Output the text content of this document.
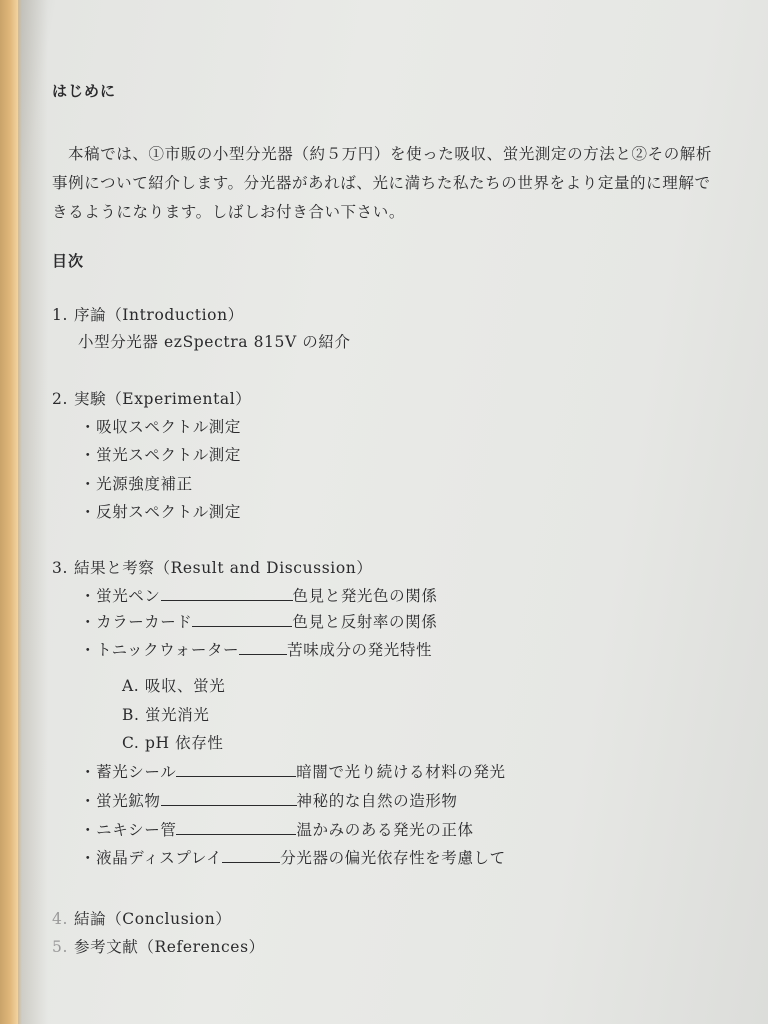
はじめに
本稿では、①市販の小型分光器（約５万円）を使った吸収、蛍光測定の方法と②その解析
事例について紹介します。分光器があれば、光に満ちた私たちの世界をより定量的に理解で
きるようになります。しばしお付き合い下さい。
目次
1. 序論（Introduction）
小型分光器 ezSpectra 815V の紹介
2. 実験（Experimental）
・吸収スペクトル測定
・蛍光スペクトル測定
・光源強度補正
・反射スペクトル測定
3. 結果と考察（Result and Discussion）
・蛍光ペン	色見と発光色の関係
・カラーカード	色見と反射率の関係
・トニックウォーター	苦味成分の発光特性
A. 吸収、蛍光
B. 蛍光消光
C. pH 依存性
・蓄光シール	暗闇で光り続ける材料の発光
・蛍光鉱物	神秘的な自然の造形物
・ニキシー管	温かみのある発光の正体
・液晶ディスプレイ	分光器の偏光依存性を考慮して
4. 結論（Conclusion）
5. 参考文献（References）
